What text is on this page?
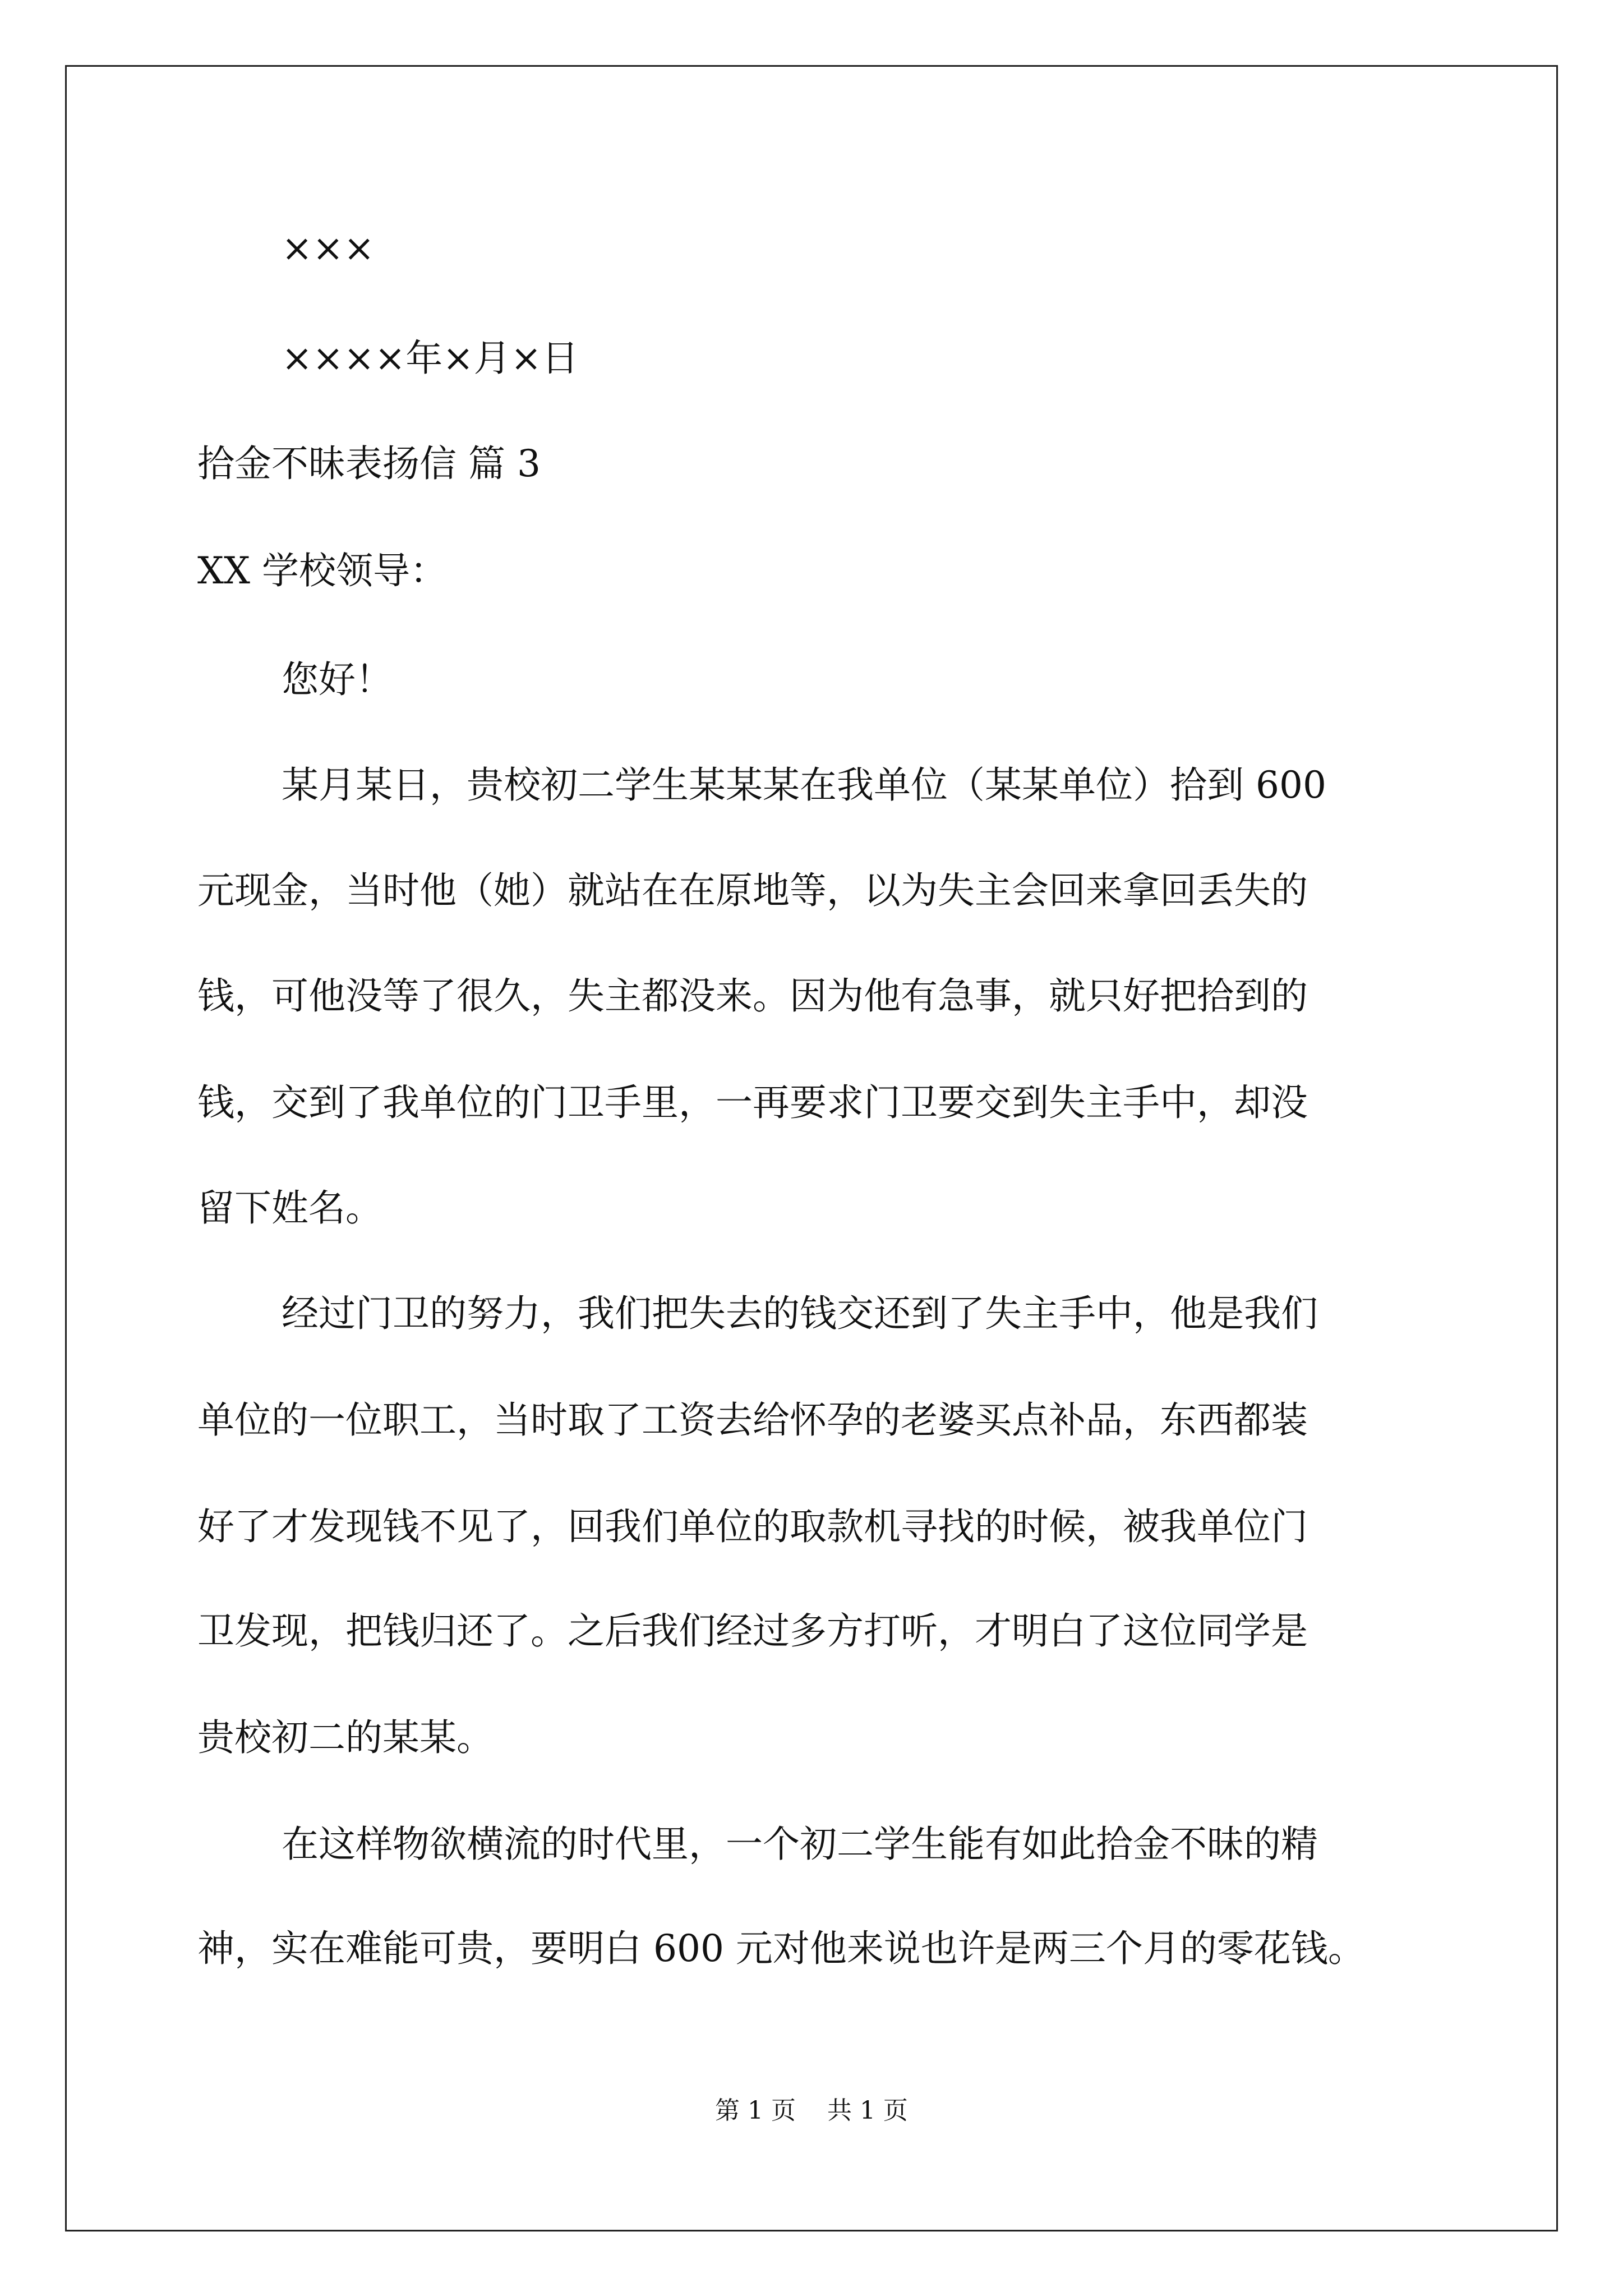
×××
××××年×月×日
拾金不昧表扬信 篇 3
XX 学校领导：
您好！
某月某日，贵校初二学生某某某在我单位（某某单位）拾到 600
元现金，当时他（她）就站在在原地等，以为失主会回来拿回丢失的
钱，可他没等了很久，失主都没来。因为他有急事，就只好把拾到的
钱，交到了我单位的门卫手里，一再要求门卫要交到失主手中，却没
留下姓名。
经过门卫的努力，我们把失去的钱交还到了失主手中，他是我们
单位的一位职工，当时取了工资去给怀孕的老婆买点补品，东西都装
好了才发现钱不见了，回我们单位的取款机寻找的时候，被我单位门
卫发现，把钱归还了。之后我们经过多方打听，才明白了这位同学是
贵校初二的某某。
在这样物欲横流的时代里，一个初二学生能有如此拾金不昧的精
神，实在难能可贵，要明白 600 元对他来说也许是两三个月的零花钱。
第 1 页    共 1 页
